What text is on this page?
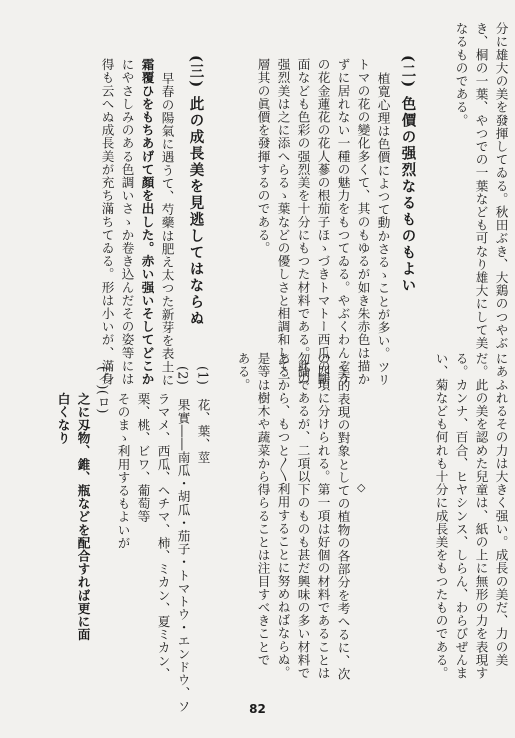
分に雄大の美を發揮してゐる。秋田ぶき、大鶏のつやぶ
き、桐の一葉、やつでの一葉なども可なり雄大にして美
なるものである。
(二) 色價の强烈なるものもよい
植寛心理は色價によつて動かさるゝことが多い。ツリ
トマの花の變化多くて、其のもゆるが如き朱赤色は描か
ずに居れない一種の魅力をもつてゐる。やぶくわんぞう
の花金蓮花の花人蔘の根茄子ほゝづきトマトー西瓜の斷
面なども色彩の强烈美を十分にもつた材料である。此の
强烈美は之に添へらるゝ葉などの優しさと相調和して一
層其の眞價を發揮するのである。
(三) 此の成長美を見逃してはならぬ
早春の陽氣に遇うて、芍藥は肥え太つた新芽を表土に
霜覆ひをもちあげて顏を出した。赤い强いそしてどこか
にやさしみのある色調いさゝか卷き込んだその姿等には
得も云へぬ成長美が充ち滿ちてゐる。形は小いが、滿身
にあふれるその力は大きく强い。成長の美だ、力の美
だ。此の美を認めた兒童は、紙の上に無形の力を表現す
る。カンナ、百合、ヒヤシンス、しらん、わらびぜんま
い、菊なども何れも十分に成長美をもつたものである。
◇
美的表現の對象としての植物の各部分を考へるに、次
の四項に分けられる。第一項は好個の材料であることは
勿論であるが、二項以下のものも甚だ興味の多い材料で
あるから、もつと〳〵利用することに努めねばならぬ。
是等は樹木や蔬菜から得らることは注目すべきことで
ある。
(1)　花、葉、莖
(2)　果實――南瓜・胡瓜・茄子・トマトウ・エンドウ、ソ
　　ラマメ、西瓜、ヘチマ、柿、ミカン、夏ミカン、
　　栗、桃、ビワ、葡萄等
　　そのまゝ利用するもよいが
(イ)(ロ)
　　之に刄物、錐、瓶などを配合すれば更に面
　　白くなり
82
